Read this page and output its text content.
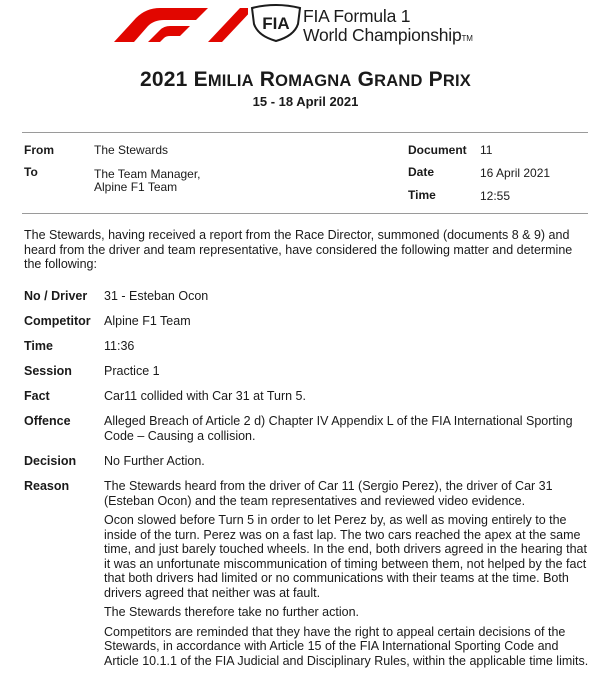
FIA FIA Formula 1
World ChampionshipTM
2021 EMILIA ROMAGNA GRAND PRIX
15 - 18 April 2021
From	The Stewards
To	The Team Manager,
Alpine F1 Team
Document 11
Date	16 April 2021
Time	12:55
The Stewards, having received a report from the Race Director, summoned (documents 8 & 9) and heard from the driver and team representative, have considered the following matter and determine the following:
No / Driver 31 - Esteban Ocon
Competitor Alpine F1 Team
Time	11:36
Session	Practice 1
Fact	Car11 collided with Car 31 at Turn 5.
Offence	Alleged Breach of Article 2 d) Chapter IV Appendix L of the FIA International Sporting Code – Causing a collision.
Decision No Further Action.
Reason	The Stewards heard from the driver of Car 11 (Sergio Perez), the driver of Car 31 (Esteban Ocon) and the team representatives and reviewed video evidence.

Ocon slowed before Turn 5 in order to let Perez by, as well as moving entirely to the inside of the turn. Perez was on a fast lap. The two cars reached the apex at the same time, and just barely touched wheels. In the end, both drivers agreed in the hearing that it was an unfortunate miscommunication of timing between them, not helped by the fact that both drivers had limited or no communications with their teams at the time. Both drivers agreed that neither was at fault.

The Stewards therefore take no further action.

Competitors are reminded that they have the right to appeal certain decisions of the Stewards, in accordance with Article 15 of the FIA International Sporting Code and Article 10.1.1 of the FIA Judicial and Disciplinary Rules, within the applicable time limits.
